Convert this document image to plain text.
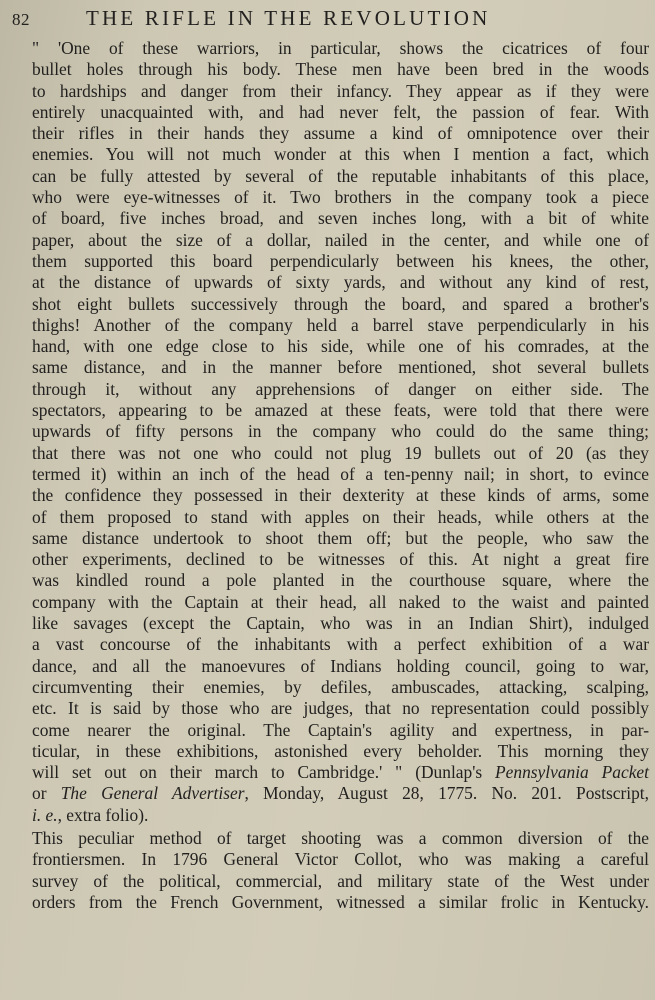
82	THE RIFLE IN THE REVOLUTION
" 'One of these warriors, in particular, shows the cicatrices of four
bullet holes through his body. These men have been bred in the woods
to hardships and danger from their infancy. They appear as if they were
entirely unacquainted with, and had never felt, the passion of fear. With
their rifles in their hands they assume a kind of omnipotence over their
enemies. You will not much wonder at this when I mention a fact, which
can be fully attested by several of the reputable inhabitants of this place,
who were eye-witnesses of it. Two brothers in the company took a piece
of board, five inches broad, and seven inches long, with a bit of white
paper, about the size of a dollar, nailed in the center, and while one of
them supported this board perpendicularly between his knees, the other,
at the distance of upwards of sixty yards, and without any kind of rest,
shot eight bullets successively through the board, and spared a brother's
thighs! Another of the company held a barrel stave perpendicularly in his
hand, with one edge close to his side, while one of his comrades, at the
same distance, and in the manner before mentioned, shot several bullets
through it, without any apprehensions of danger on either side. The
spectators, appearing to be amazed at these feats, were told that there were
upwards of fifty persons in the company who could do the same thing;
that there was not one who could not plug 19 bullets out of 20 (as they
termed it) within an inch of the head of a ten-penny nail; in short, to evince
the confidence they possessed in their dexterity at these kinds of arms, some
of them proposed to stand with apples on their heads, while others at the
same distance undertook to shoot them off; but the people, who saw the
other experiments, declined to be witnesses of this. At night a great fire
was kindled round a pole planted in the courthouse square, where the
company with the Captain at their head, all naked to the waist and painted
like savages (except the Captain, who was in an Indian Shirt), indulged
a vast concourse of the inhabitants with a perfect exhibition of a war
dance, and all the manoevures of Indians holding council, going to war,
circumventing their enemies, by defiles, ambuscades, attacking, scalping,
etc. It is said by those who are judges, that no representation could possibly
come nearer the original. The Captain's agility and expertness, in par-
ticular, in these exhibitions, astonished every beholder. This morning they
will set out on their march to Cambridge.' " (Dunlap's Pennsylvania Packet
or The General Advertiser, Monday, August 28, 1775. No. 201. Postscript,
i. e., extra folio).
This peculiar method of target shooting was a common diversion of the
frontiersmen. In 1796 General Victor Collot, who was making a careful
survey of the political, commercial, and military state of the West under
orders from the French Government, witnessed a similar frolic in Kentucky.
